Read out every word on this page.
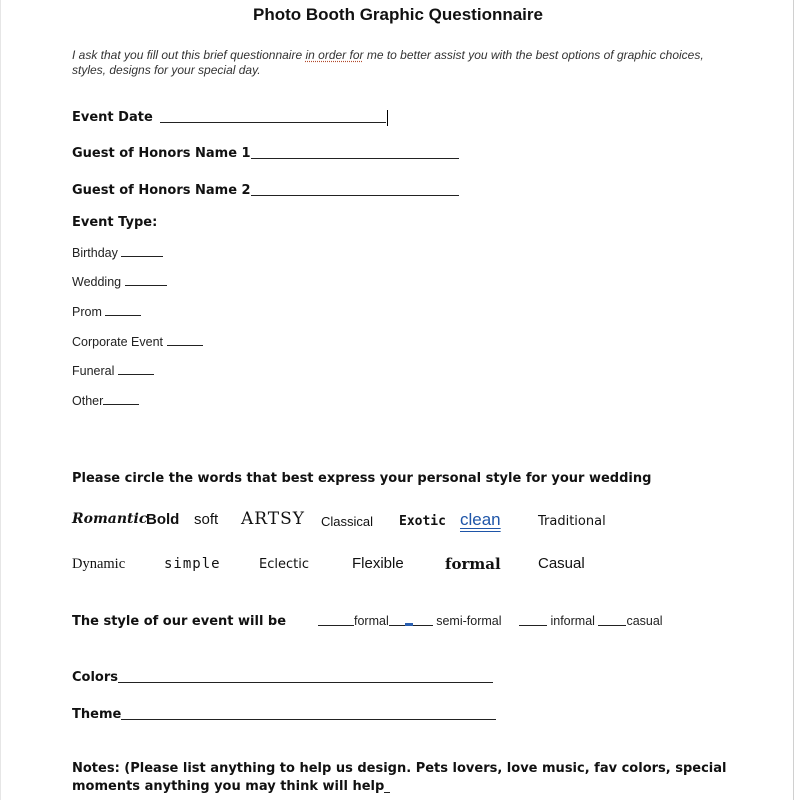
Photo Booth Graphic Questionnaire
I ask that you fill out this brief questionnaire in order for me to better assist you with the best options of graphic choices, styles, designs for your special day.
Event Date
Guest of Honors Name 1
Guest of Honors Name 2
Event Type:
Birthday
Wedding
Prom
Corporate Event
Funeral
Other
Please circle the words that best express your personal style for your wedding
Romantic
Bold soft ARTSY Classical Exotic clean	Traditional
Dynamic	simple	Eclectic	Flexible	formal Casual
The style of our event will be	formal	semi-formal	informal	casual
Colors
Theme
Notes: (Please list anything to help us design. Pets lovers, love music, fav colors, special moments anything you may think will help
